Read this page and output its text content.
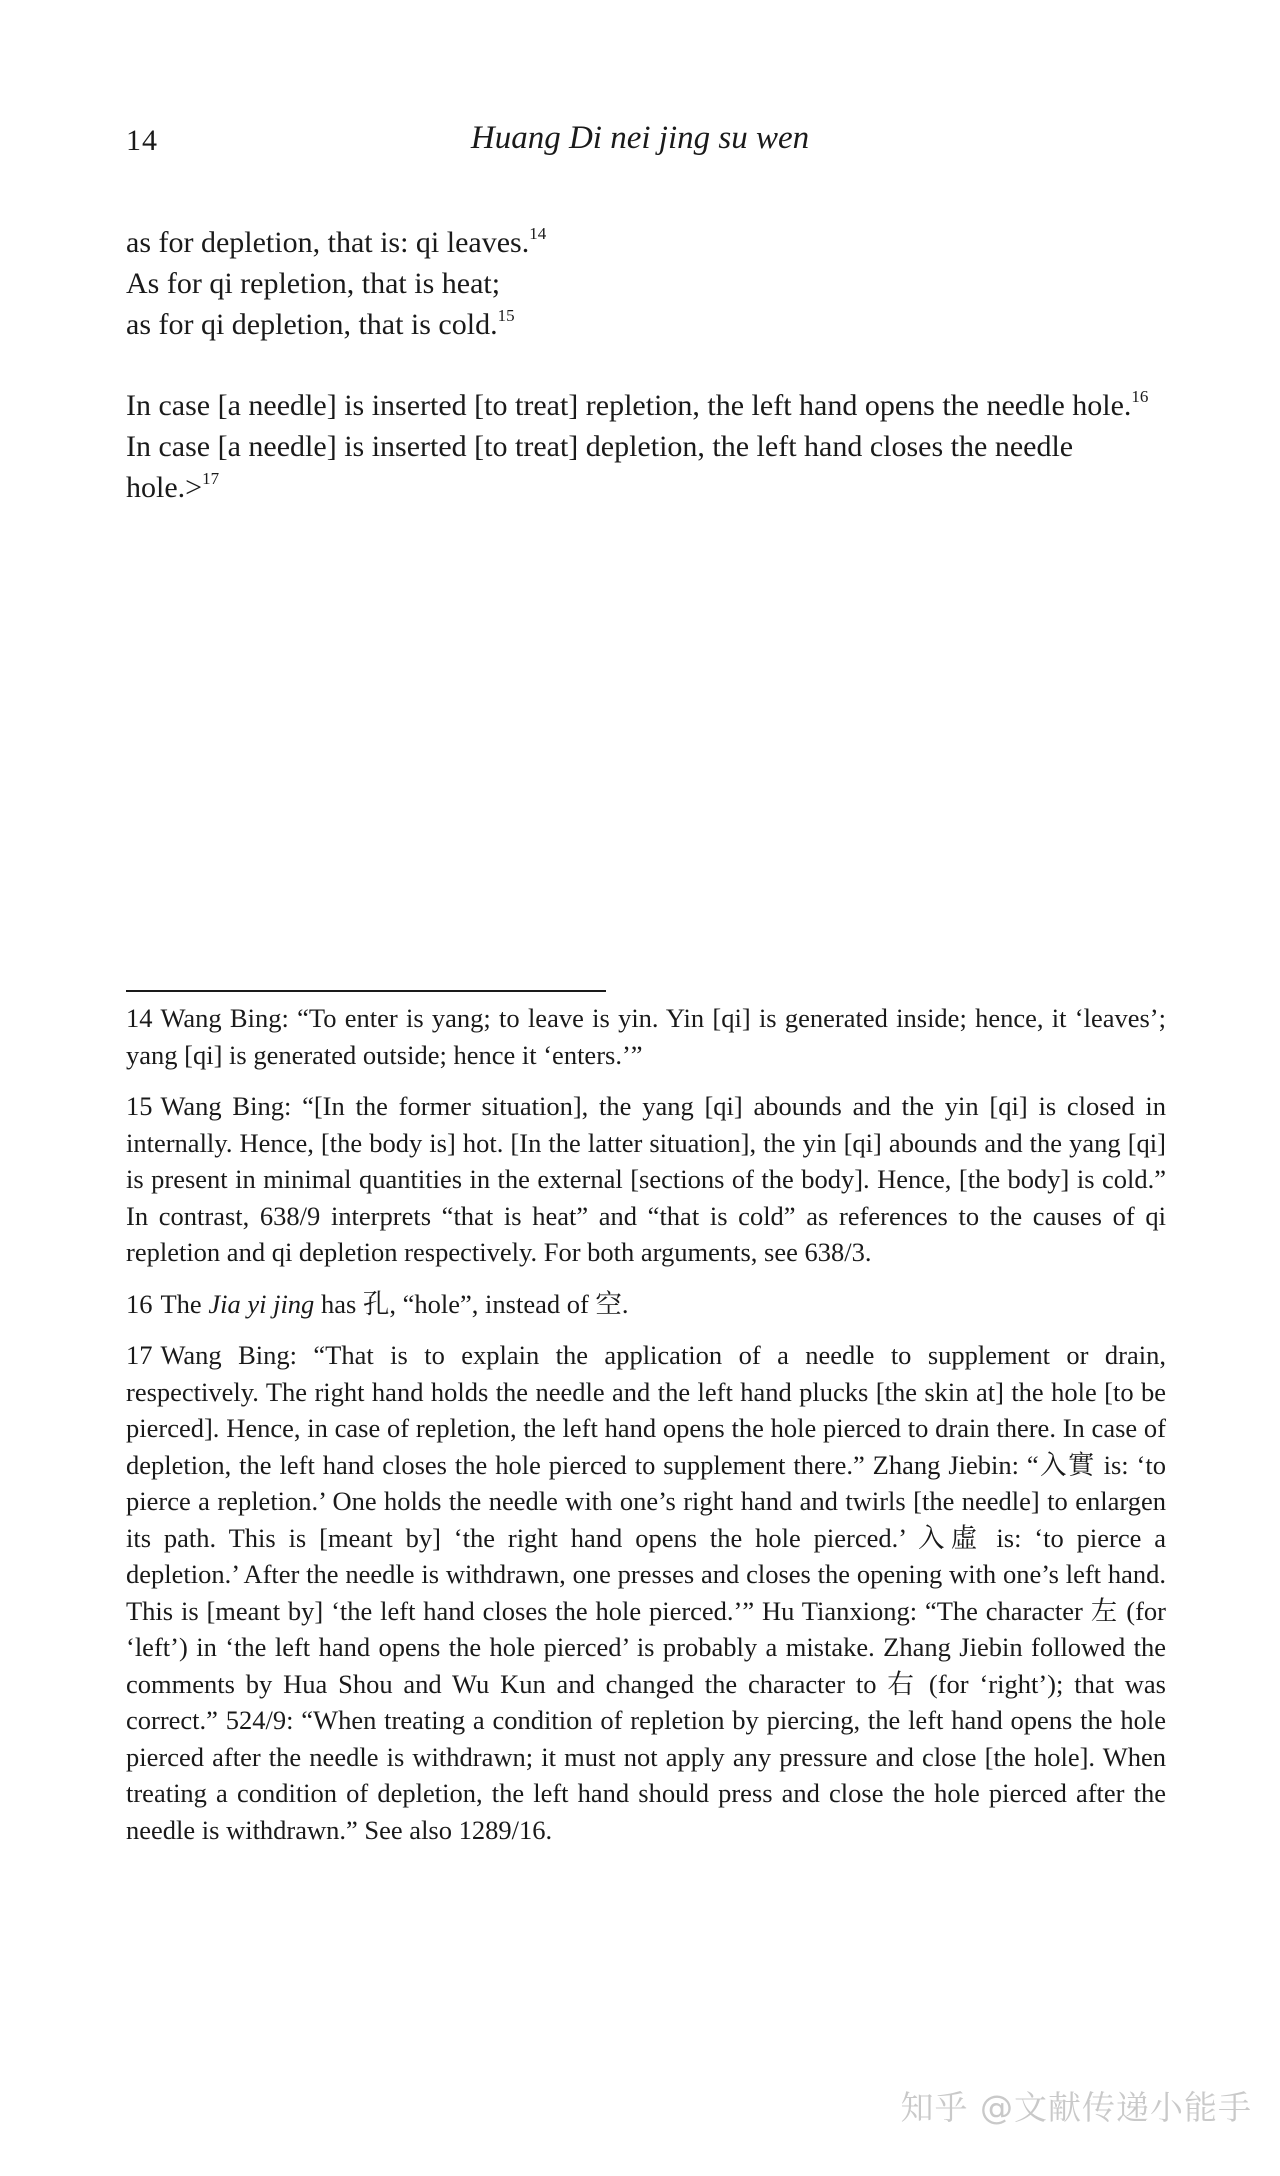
14	Huang Di nei jing su wen

as for depletion, that is: qi leaves.$^{14}$

As for qi repletion, that is heat;

as for qi depletion, that is cold.$^{15}$

In case [a needle] is inserted [to treat] repletion, the left hand opens the needle hole.$^{16}$

In case [a needle] is inserted [to treat] depletion, the left hand closes the needle hole.>$^{17}$

14 Wang Bing: “To enter is yang; to leave is yin. Yin [qi] is generated inside; hence, it ‘leaves’; yang [qi] is generated outside; hence it ‘enters.’”

15 Wang Bing: “[In the former situation], the yang [qi] abounds and the yin [qi] is closed in internally. Hence, [the body is] hot. [In the latter situation], the yin [qi] abounds and the yang [qi] is present in minimal quantities in the external [sections of the body]. Hence, [the body] is cold.” In contrast, 638/9 interprets “that is heat” and “that is cold” as references to the causes of qi repletion and qi depletion respectively. For both arguments, see 638/3.

16 The Jia yi jing has 孔, “hole”, instead of 空.

17 Wang Bing: “That is to explain the application of a needle to supplement or drain, respectively. The right hand holds the needle and the left hand plucks [the skin at] the hole [to be pierced]. Hence, in case of repletion, the left hand opens the hole pierced to drain there. In case of depletion, the left hand closes the hole pierced to supplement there.” Zhang Jiebin: “入實 is: ‘to pierce a repletion.’ One holds the needle with one’s right hand and twirls [the needle] to enlargen its path. This is [meant by] ‘the right hand opens the hole pierced.’ 入虛 is: ‘to pierce a depletion.’ After the needle is withdrawn, one presses and closes the opening with one’s left hand. This is [meant by] ‘the left hand closes the hole pierced.’” Hu Tianxiong: “The character 左 (for ‘left’) in ‘the left hand opens the hole pierced’ is probably a mistake. Zhang Jiebin followed the comments by Hua Shou and Wu Kun and changed the character to 右 (for ‘right’); that was correct.” 524/9: “When treating a condition of repletion by piercing, the left hand opens the hole pierced after the needle is withdrawn; it must not apply any pressure and close [the hole]. When treating a condition of depletion, the left hand should press and close the hole pierced after the needle is withdrawn.” See also 1289/16.

知乎 @文献传递小能手
